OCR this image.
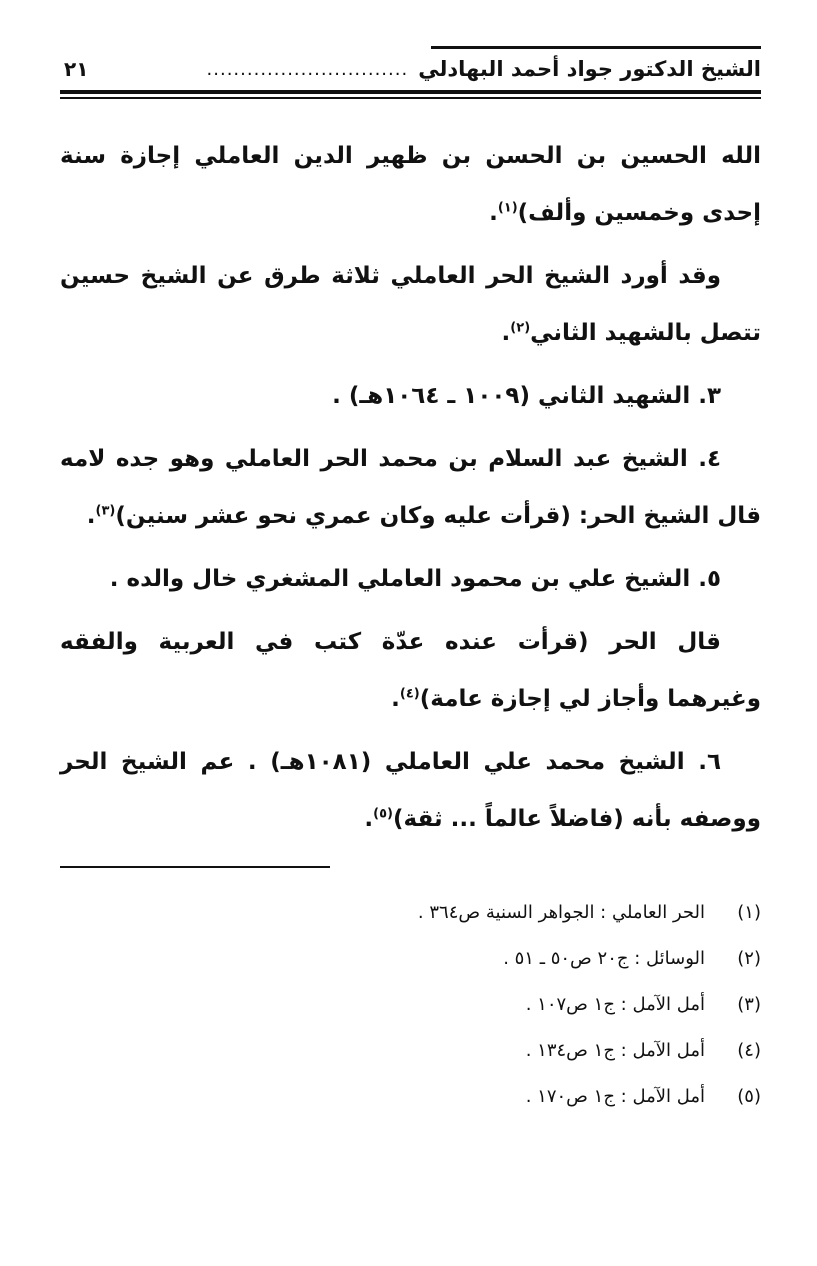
الشيخ الدكتور جواد أحمد البهادلي
..............................
٢١

الله الحسين بن الحسن بن ظهير الدين العاملي إجازة سنة إحدى وخمسين وألف)$^{(١)}$.

وقد أورد الشيخ الحر العاملي ثلاثة طرق عن الشيخ حسين تتصل بالشهيد الثاني$^{(٢)}$.

٣. الشهيد الثاني (١٠٠٩ ـ ١٠٦٤هـ) .

٤. الشيخ عبد السلام بن محمد الحر العاملي وهو جده لامه قال الشيخ الحر: (قرأت عليه وكان عمري نحو عشر سنين)$^{(٣)}$.

٥. الشيخ علي بن محمود العاملي المشغري خال والده .

قال الحر (قرأت عنده عدّة كتب في العربية والفقه وغيرهما وأجاز لي إجازة عامة)$^{(٤)}$.

٦. الشيخ محمد علي العاملي (١٠٨١هـ) . عم الشيخ الحر ووصفه بأنه (فاضلاً عالماً ... ثقة)$^{(٥)}$.

(١)
الحر العاملي : الجواهر السنية ص٣٦٤ .
(٢)
الوسائل : ج٢٠ ص٥٠ ـ ٥١ .
(٣)
أمل الآمل : ج١ ص١٠٧ .
(٤)
أمل الآمل : ج١ ص١٣٤ .
(٥)
أمل الآمل : ج١ ص١٧٠ .
